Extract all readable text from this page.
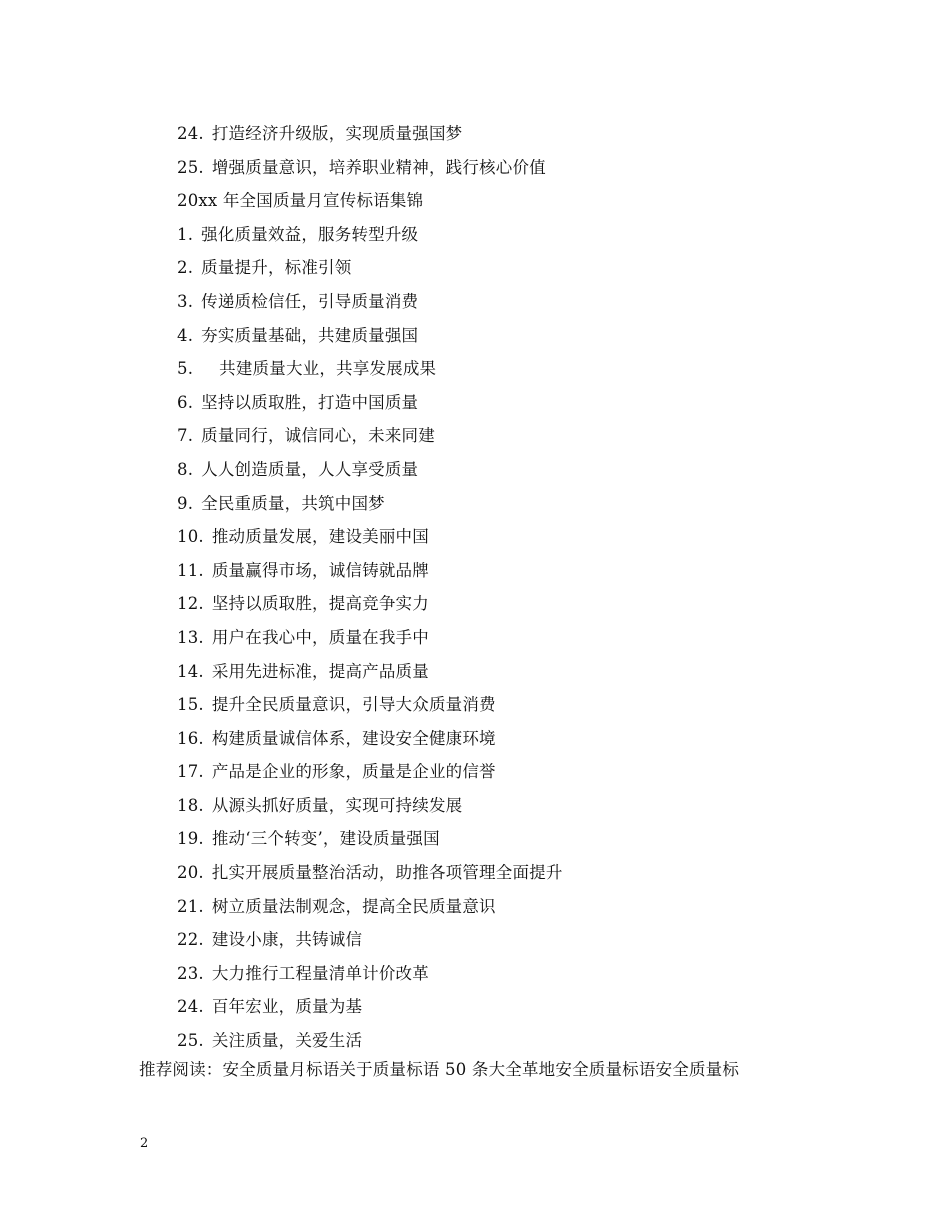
24. 打造经济升级版，实现质量强国梦
25. 增强质量意识，培养职业精神，践行核心价值
20xx 年全国质量月宣传标语集锦
1. 强化质量效益，服务转型升级
2. 质量提升，标准引领
3. 传递质检信任，引导质量消费
4. 夯实质量基础，共建质量强国
5. 共建质量大业，共享发展成果
6. 坚持以质取胜，打造中国质量
7. 质量同行，诚信同心，未来同建
8. 人人创造质量，人人享受质量
9. 全民重质量，共筑中国梦
10. 推动质量发展，建设美丽中国
11. 质量赢得市场，诚信铸就品牌
12. 坚持以质取胜，提高竞争实力
13. 用户在我心中，质量在我手中
14. 采用先进标准，提高产品质量
15. 提升全民质量意识，引导大众质量消费
16. 构建质量诚信体系，建设安全健康环境
17. 产品是企业的形象，质量是企业的信誉
18. 从源头抓好质量，实现可持续发展
19. 推动‘三个转变’，建设质量强国
20. 扎实开展质量整治活动，助推各项管理全面提升
21. 树立质量法制观念，提高全民质量意识
22. 建设小康，共铸诚信
23. 大力推行工程量清单计价改革
24. 百年宏业，质量为基
25. 关注质量，关爱生活
推荐阅读：安全质量月标语关于质量标语 50 条大全革地安全质量标语安全质量标
2
